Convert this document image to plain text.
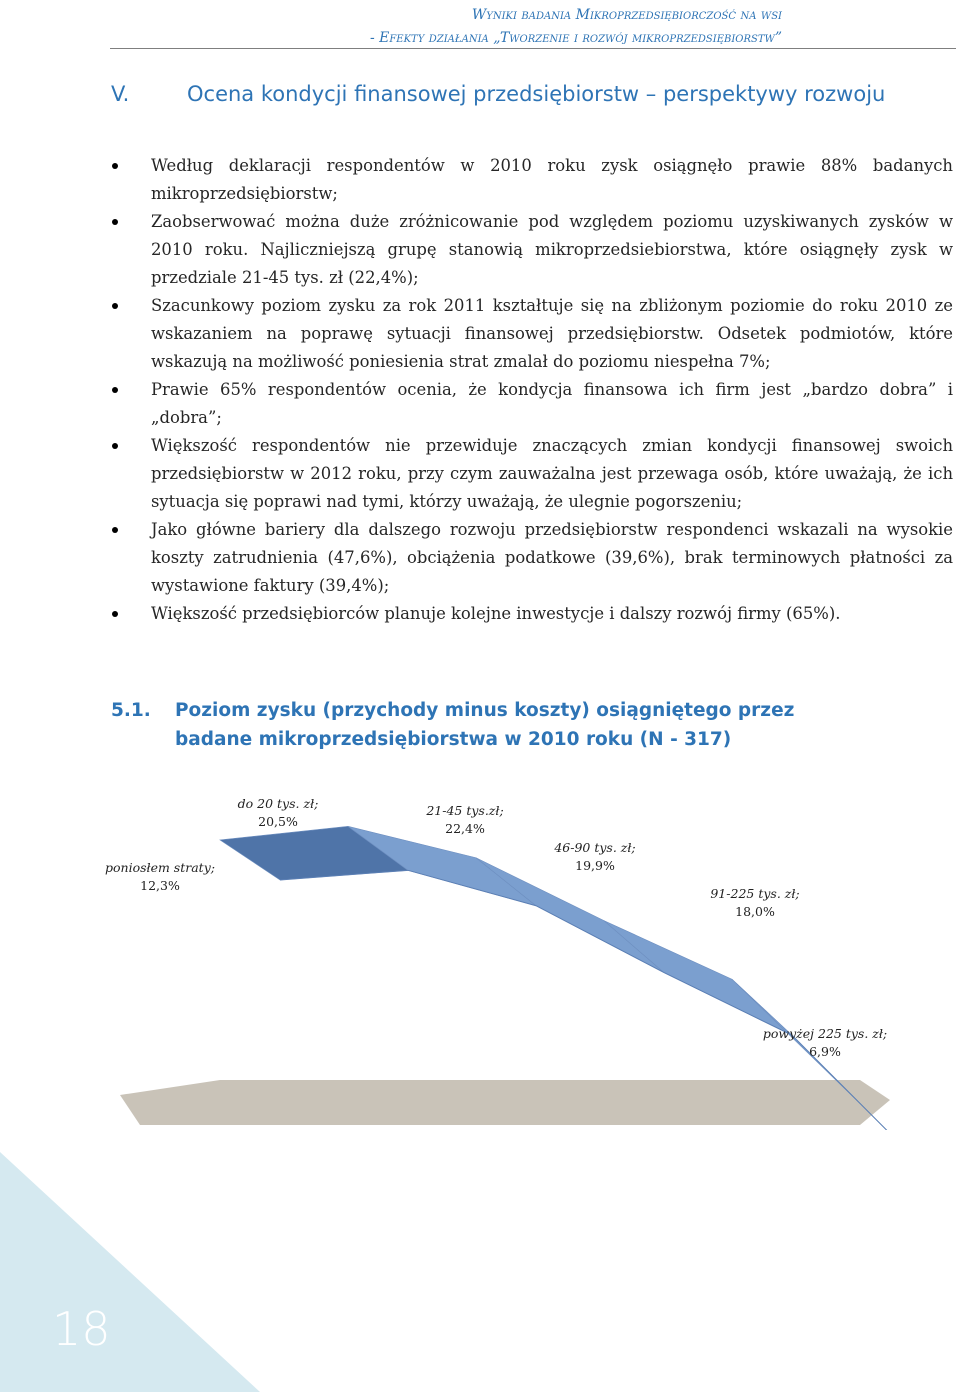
Wyniki badania Mikroprzedsiębiorczość na wsi
- Efekty działania „Tworzenie i rozwój mikroprzedsiębiorstw”
V.	Ocena kondycji finansowej przedsiębiorstw – perspektywy rozwoju
Według deklaracji respondentów w 2010 roku zysk osiągnęło prawie 88% badanych mikroprzedsiębiorstw;
Zaobserwować można duże zróżnicowanie pod względem poziomu uzyskiwanych zysków w 2010 roku. Najliczniejszą grupę stanowią mikroprzedsiebiorstwa, które osiągnęły zysk w przedziale 21-45 tys. zł (22,4%);
Szacunkowy poziom zysku za rok 2011 kształtuje się na zbliżonym poziomie do roku 2010 ze wskazaniem na poprawę sytuacji finansowej przedsiębiorstw. Odsetek podmiotów, które wskazują na możliwość poniesienia strat zmalał do poziomu niespełna 7%;
Prawie 65% respondentów ocenia, że kondycja finansowa ich firm jest „bardzo dobra” i „dobra”;
Większość respondentów nie przewiduje znaczących zmian kondycji finansowej swoich przedsiębiorstw w 2012 roku, przy czym zauważalna jest przewaga osób, które uważają, że ich sytuacja się poprawi nad tymi, którzy uważają, że ulegnie pogorszeniu;
Jako główne bariery dla dalszego rozwoju przedsiębiorstw respondenci wskazali na wysokie koszty zatrudnienia (47,6%), obciążenia podatkowe (39,6%), brak terminowych płatności za wystawione faktury (39,4%);
Większość przedsiębiorców planuje kolejne inwestycje i dalszy rozwój firmy (65%).
5.1. Poziom zysku (przychody minus koszty) osiągniętego przez badane mikroprzedsiębiorstwa w 2010 roku (N - 317)
poniosłem straty;
12,3%
do 20 tys. zł;
20,5%
21-45 tys.zł;
22,4%
46-90 tys. zł;
19,9%
91-225 tys. zł;
18,0%
powyżej 225 tys. zł;
6,9%
18
